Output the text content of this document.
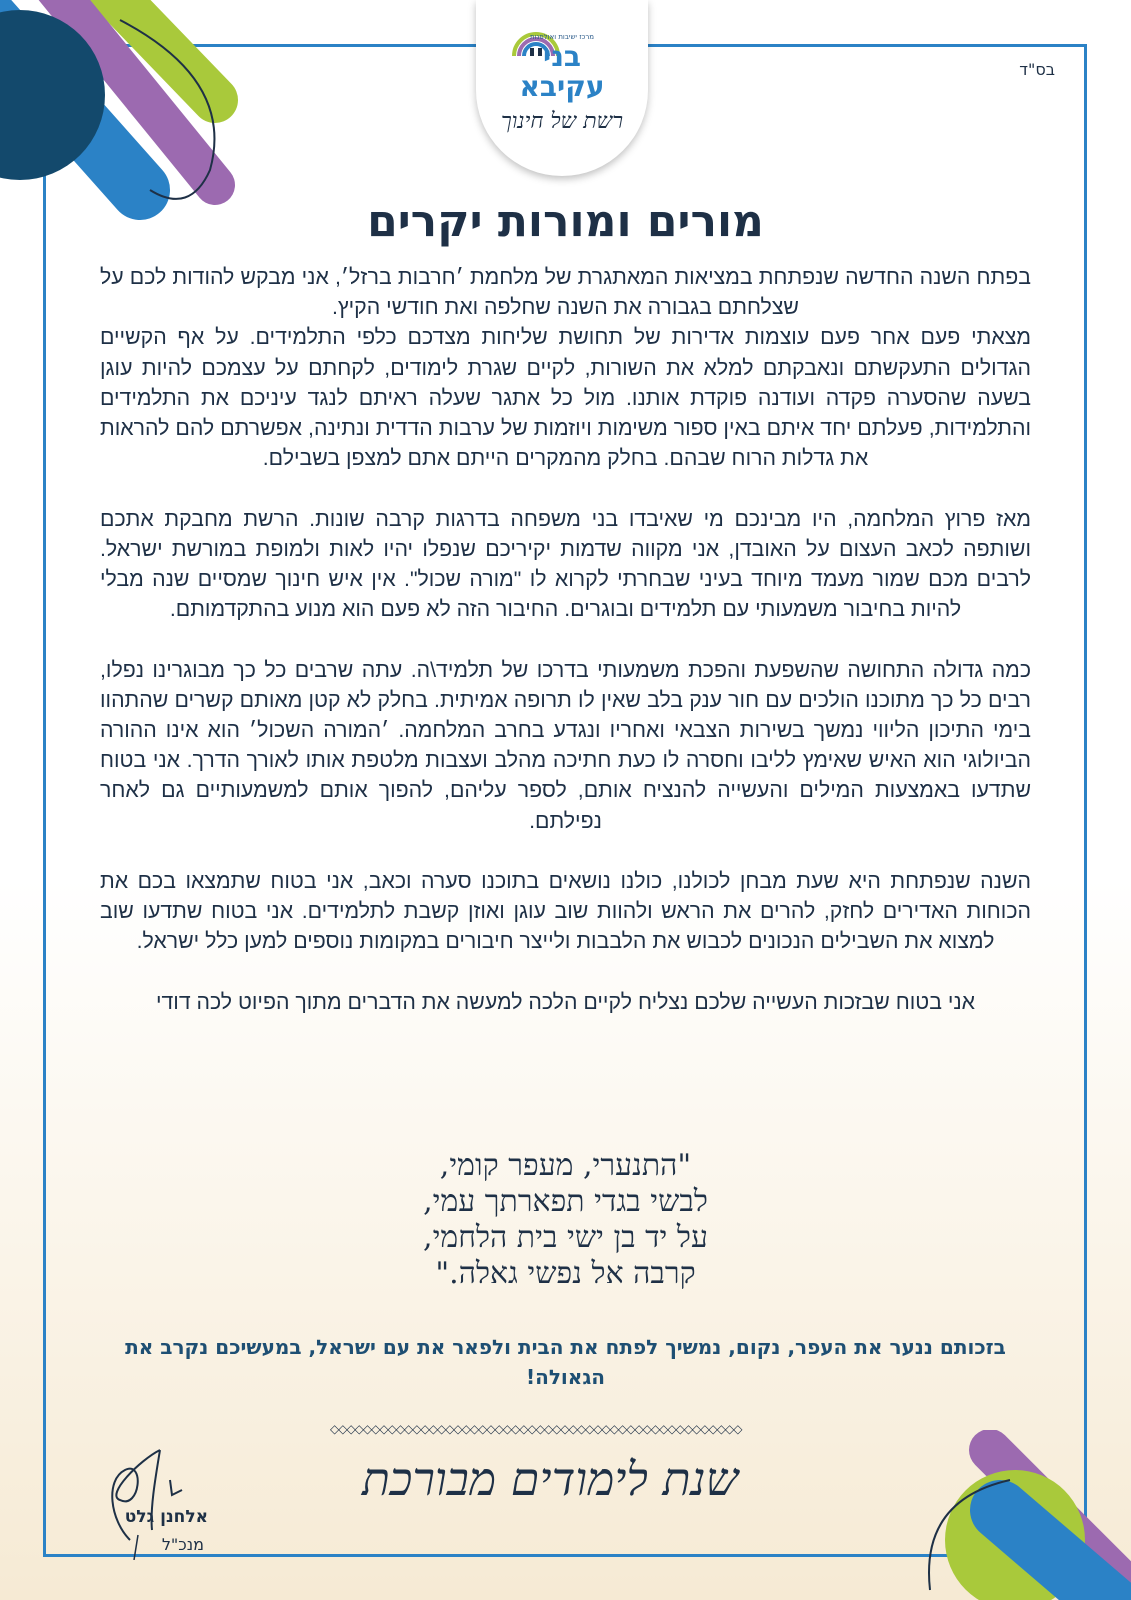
מרכז ישיבות ואולפנות
בני עקיבא
רשת של חינוך
בס"ד
מורים ומורות יקרים

בפתח השנה החדשה שנפתחת במציאות המאתגרת של מלחמת ׳חרבות ברזל׳, אני מבקש להודות לכם על שצלחתם בגבורה את השנה שחלפה ואת חודשי הקיץ.

מצאתי פעם אחר פעם עוצמות אדירות של תחושת שליחות מצדכם כלפי התלמידים. על אף הקשיים הגדולים התעקשתם ונאבקתם למלא את השורות, לקיים שגרת לימודים, לקחתם על עצמכם להיות עוגן בשעה שהסערה פקדה ועודנה פוקדת אותנו. מול כל אתגר שעלה ראיתם לנגד עיניכם את התלמידים והתלמידות, פעלתם יחד איתם באין ספור משימות ויוזמות של ערבות הדדית ונתינה, אפשרתם להם להראות את גדלות הרוח שבהם. בחלק מהמקרים הייתם אתם למצפן בשבילם.

מאז פרוץ המלחמה, היו מבינכם מי שאיבדו בני משפחה בדרגות קרבה שונות. הרשת מחבקת אתכם ושותפה לכאב העצום על האובדן, אני מקווה שדמות יקיריכם שנפלו יהיו לאות ולמופת במורשת ישראל. לרבים מכם שמור מעמד מיוחד בעיני שבחרתי לקרוא לו "מורה שכול". אין איש חינוך שמסיים שנה מבלי להיות בחיבור משמעותי עם תלמידים ובוגרים. החיבור הזה לא פעם הוא מנוע בהתקדמותם.

כמה גדולה התחושה שהשפעת והפכת משמעותי בדרכו של תלמיד\ה. עתה שרבים כל כך מבוגרינו נפלו, רבים כל כך מתוכנו הולכים עם חור ענק בלב שאין לו תרופה אמיתית. בחלק לא קטן מאותם קשרים שהתהוו בימי התיכון הליווי נמשך בשירות הצבאי ואחריו ונגדע בחרב המלחמה. ׳המורה השכול׳ הוא אינו ההורה הביולוגי הוא האיש שאימץ לליבו וחסרה לו כעת חתיכה מהלב ועצבות מלטפת אותו לאורך הדרך. אני בטוח שתדעו באמצעות המילים והעשייה להנציח אותם, לספר עליהם, להפוך אותם למשמעותיים גם לאחר נפילתם.

השנה שנפתחת היא שעת מבחן לכולנו, כולנו נושאים בתוכנו סערה וכאב, אני בטוח שתמצאו בכם את הכוחות האדירים לחזק, להרים את הראש ולהוות שוב עוגן ואוזן קשבת לתלמידים. אני בטוח שתדעו שוב למצוא את השבילים הנכונים לכבוש את הלבבות ולייצר חיבורים במקומות נוספים למען כלל ישראל.

אני בטוח שבזכות העשייה שלכם נצליח לקיים הלכה למעשה את הדברים מתוך הפיוט לכה דודי

"התנערי, מעפר קומי,
לבשי בגדי תפארתך עמי,
על יד בן ישי בית הלחמי,
קרבה אל נפשי גאלה."
בזכותם ננער את העפר, נקום, נמשיך לפתח את הבית ולפאר את עם ישראל, במעשיכם נקרב את הגאולה!
◇◇◇◇◇◇◇◇◇◇◇◇◇◇◇◇◇◇◇◇◇◇◇◇◇◇◇◇◇◇◇◇◇◇◇◇◇◇◇◇◇◇◇◇◇◇◇◇◇◇
שנת לימודים מבורכת
אלחנן גלט
מנכ"ל
